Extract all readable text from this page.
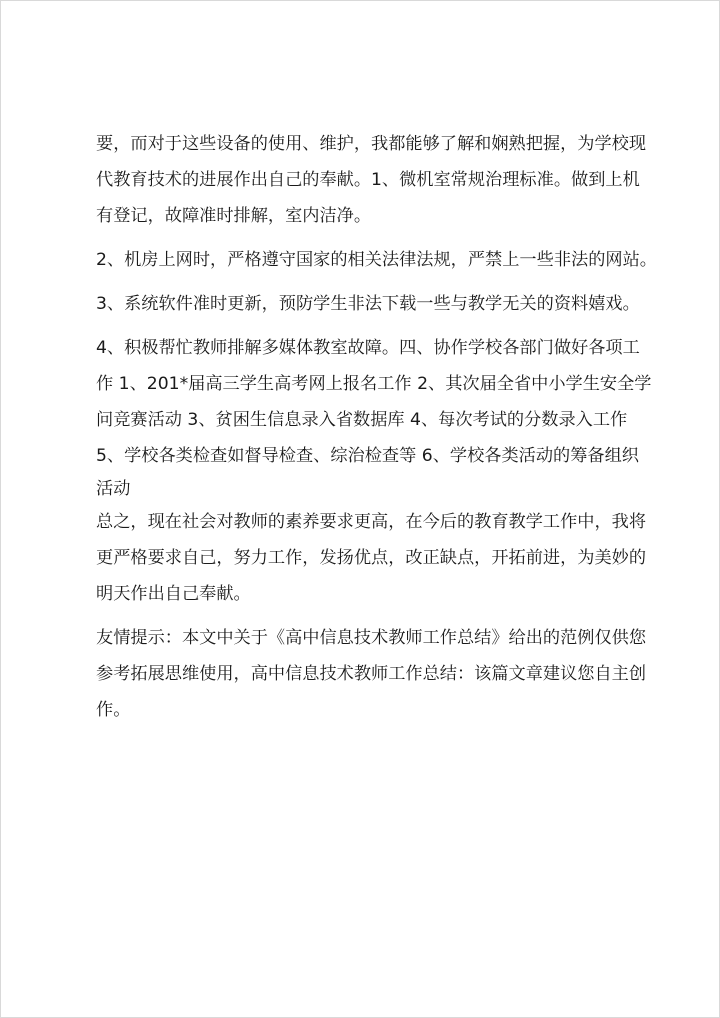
要，而对于这些设备的使用、维护，我都能够了解和娴熟把握，为学校现
代教育技术的进展作出自己的奉献。1、微机室常规治理标准。做到上机
有登记，故障准时排解，室内洁净。
2、机房上网时，严格遵守国家的相关法律法规，严禁上一些非法的网站。
3、系统软件准时更新，预防学生非法下载一些与教学无关的资料嬉戏。
4、积极帮忙教师排解多媒体教室故障。四、协作学校各部门做好各项工
作 1、201*届高三学生高考网上报名工作 2、其次届全省中小学生安全学
问竞赛活动 3、贫困生信息录入省数据库 4、每次考试的分数录入工作
5、学校各类检查如督导检查、综治检查等 6、学校各类活动的筹备组织
活动
总之，现在社会对教师的素养要求更高，在今后的教育教学工作中，我将
更严格要求自己，努力工作，发扬优点，改正缺点，开拓前进，为美妙的
明天作出自己奉献。
友情提示：本文中关于《高中信息技术教师工作总结》给出的范例仅供您
参考拓展思维使用，高中信息技术教师工作总结：该篇文章建议您自主创
作。
